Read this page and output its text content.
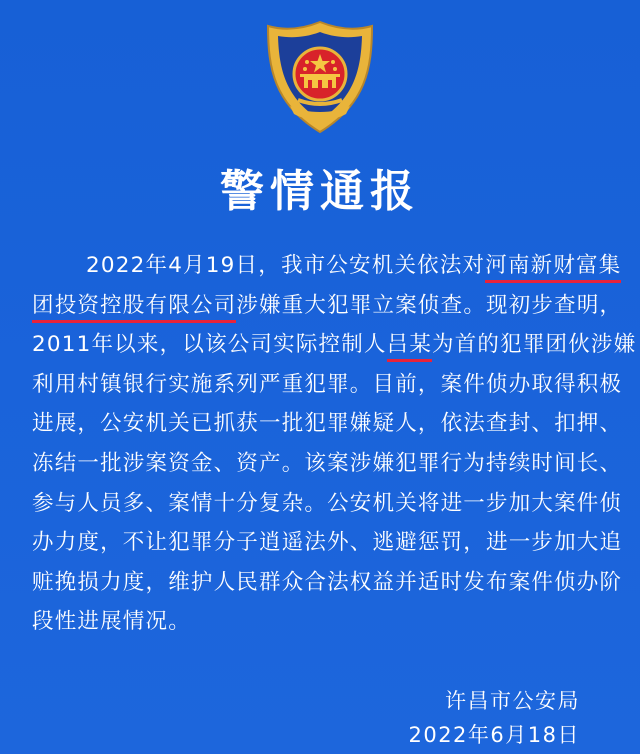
警情通报
2022年4月19日，我市公安机关依法对河南新财富集
团投资控股有限公司涉嫌重大犯罪立案侦查。现初步查明，
2011年以来，以该公司实际控制人吕某为首的犯罪团伙涉嫌
利用村镇银行实施系列严重犯罪。目前，案件侦办取得积极
进展，公安机关已抓获一批犯罪嫌疑人，依法查封、扣押、
冻结一批涉案资金、资产。该案涉嫌犯罪行为持续时间长、
参与人员多、案情十分复杂。公安机关将进一步加大案件侦
办力度，不让犯罪分子逍遥法外、逃避惩罚，进一步加大追
赃挽损力度，维护人民群众合法权益并适时发布案件侦办阶
段性进展情况。
许昌市公安局
2022年6月18日
